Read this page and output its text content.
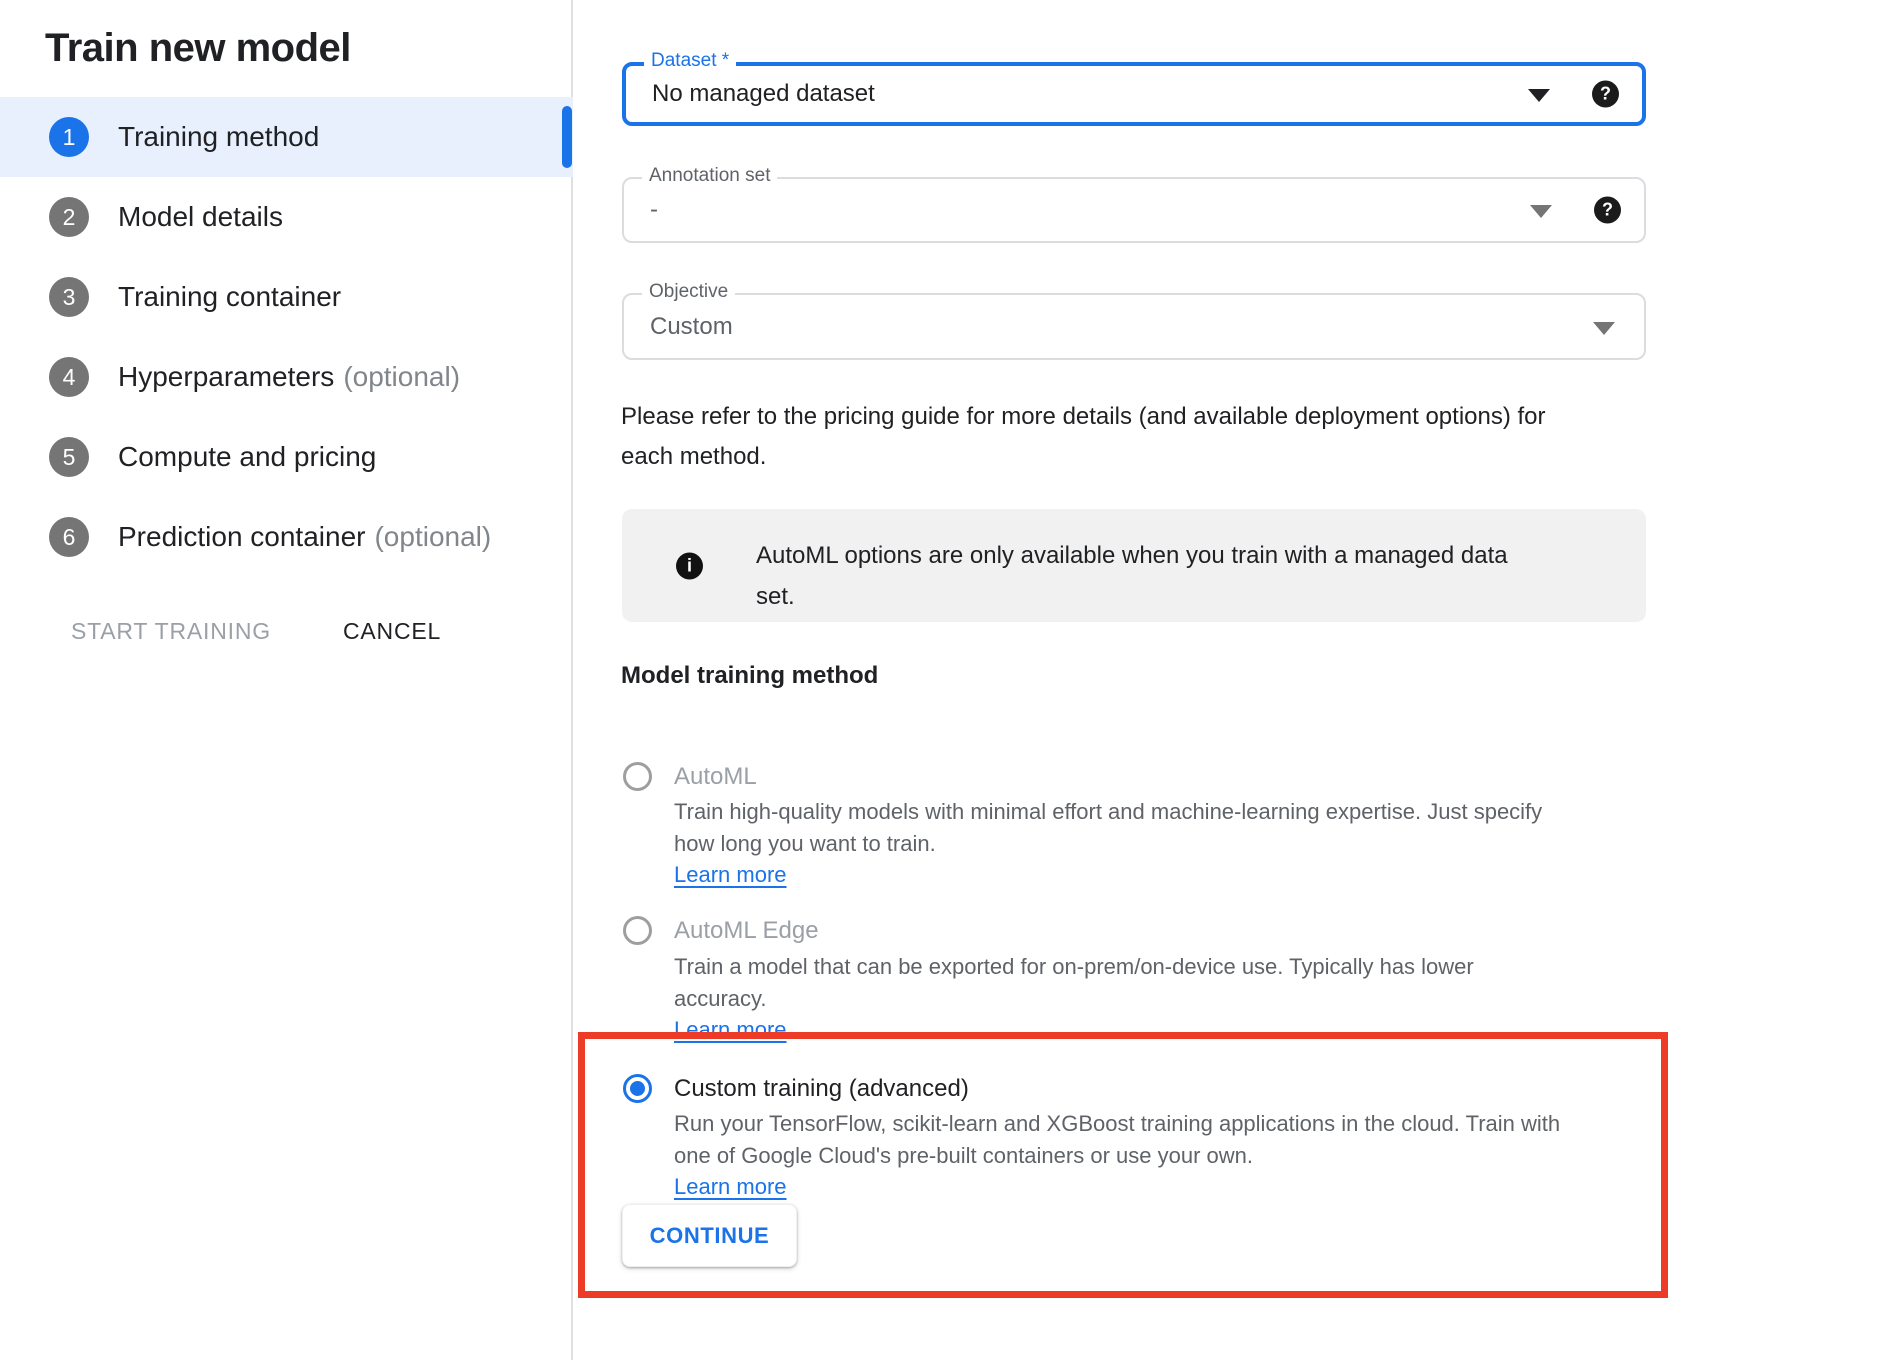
Train new model
1	Training method
2	Model details
3	Training container
4	Hyperparameters (optional)
5	Compute and pricing
6	Prediction container (optional)
START TRAINING	CANCEL
Dataset *
No managed dataset	?
Annotation set
-	?
Objective
Custom

Please refer to the pricing guide for more details (and available deployment options) for
each method.

i	AutoML options are only available when you train with a managed data
set.

Model training method
AutoML

Train high-quality models with minimal effort and machine-learning expertise. Just specify
how long you want to train.
Learn more

AutoML Edge

Train a model that can be exported for on-prem/on-device use. Typically has lower
accuracy.
Learn more

Custom training (advanced)

Run your TensorFlow, scikit-learn and XGBoost training applications in the cloud. Train with
one of Google Cloud's pre-built containers or use your own.
Learn more

CONTINUE
